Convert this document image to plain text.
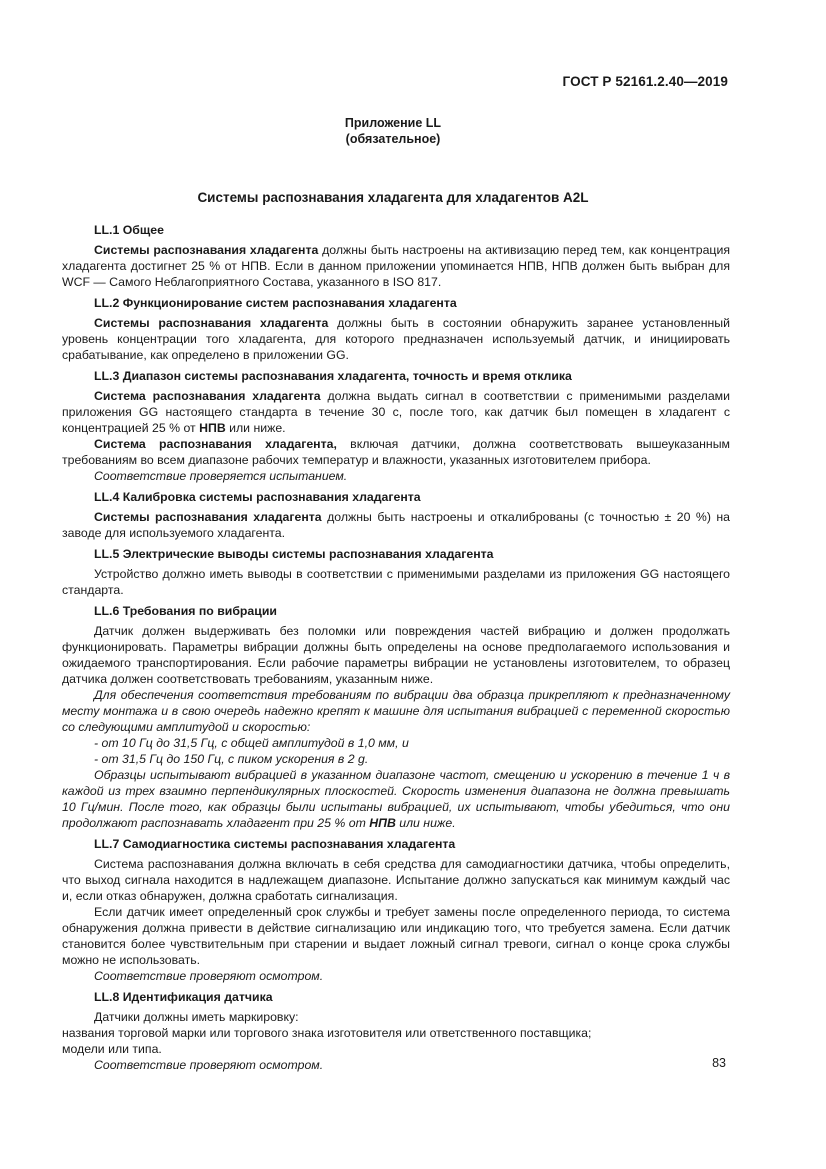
ГОСТ Р 52161.2.40—2019
Приложение LL
(обязательное)
Системы распознавания хладагента для хладагентов A2L
LL.1 Общее

Системы распознавания хладагента должны быть настроены на активизацию перед тем, как концентрация хладагента достигнет 25 % от НПВ. Если в данном приложении упоминается НПВ, НПВ должен быть выбран для WCF — Самого Неблагоприятного Состава, указанного в ISO 817.

LL.2 Функционирование систем распознавания хладагента

Системы распознавания хладагента должны быть в состоянии обнаружить заранее установленный уровень концентрации того хладагента, для которого предназначен используемый датчик, и инициировать срабатывание, как определено в приложении GG.

LL.3 Диапазон системы распознавания хладагента, точность и время отклика

Система распознавания хладагента должна выдать сигнал в соответствии с применимыми разделами приложения GG настоящего стандарта в течение 30 с, после того, как датчик был помещен в хладагент с концентрацией 25 % от НПВ или ниже.

Система распознавания хладагента, включая датчики, должна соответствовать вышеуказанным требованиям во всем диапазоне рабочих температур и влажности, указанных изготовителем прибора.

Соответствие проверяется испытанием.

LL.4 Калибровка системы распознавания хладагента

Системы распознавания хладагента должны быть настроены и откалиброваны (с точностью ± 20 %) на заводе для используемого хладагента.

LL.5 Электрические выводы системы распознавания хладагента

Устройство должно иметь выводы в соответствии с применимыми разделами из приложения GG настоящего стандарта.

LL.6 Требования по вибрации

Датчик должен выдерживать без поломки или повреждения частей вибрацию и должен продолжать функционировать. Параметры вибрации должны быть определены на основе предполагаемого использования и ожидаемого транспортирования. Если рабочие параметры вибрации не установлены изготовителем, то образец датчика должен соответствовать требованиям, указанным ниже.

Для обеспечения соответствия требованиям по вибрации два образца прикрепляют к предназначенному месту монтажа и в свою очередь надежно крепят к машине для испытания вибрацией с переменной скоростью со следующими амплитудой и скоростью:

- от 10 Гц до 31,5 Гц, с общей амплитудой в 1,0 мм, и

- от 31,5 Гц до 150 Гц, с пиком ускорения в 2 g.

Образцы испытывают вибрацией в указанном диапазоне частот, смещению и ускорению в течение 1 ч в каждой из трех взаимно перпендикулярных плоскостей. Скорость изменения диапазона не должна превышать 10 Гц/мин. После того, как образцы были испытаны вибрацией, их испытывают, чтобы убедиться, что они продолжают распознавать хладагент при 25 % от НПВ или ниже.

LL.7 Самодиагностика системы распознавания хладагента

Система распознавания должна включать в себя средства для самодиагностики датчика, чтобы определить, что выход сигнала находится в надлежащем диапазоне. Испытание должно запускаться как минимум каждый час и, если отказ обнаружен, должна сработать сигнализация.

Если датчик имеет определенный срок службы и требует замены после определенного периода, то система обнаружения должна привести в действие сигнализацию или индикацию того, что требуется замена. Если датчик становится более чувствительным при старении и выдает ложный сигнал тревоги, сигнал о конце срока службы можно не использовать.

Соответствие проверяют осмотром.

LL.8 Идентификация датчика

Датчики должны иметь маркировку:

названия торговой марки или торгового знака изготовителя или ответственного поставщика;

модели или типа.

Соответствие проверяют осмотром.	83
